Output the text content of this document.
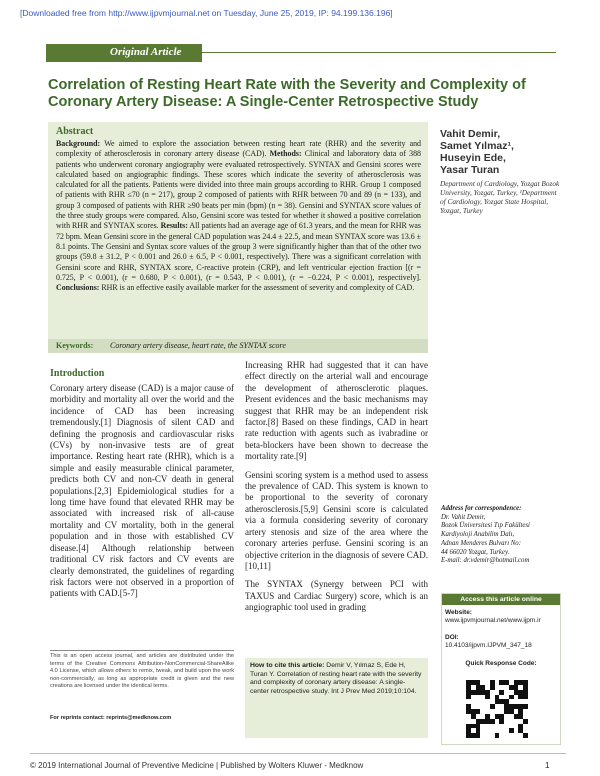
[Downloaded free from http://www.ijpvmjournal.net on Tuesday, June 25, 2019, IP: 94.199.136.196]
Original Article
Correlation of Resting Heart Rate with the Severity and Complexity of Coronary Artery Disease: A Single-Center Retrospective Study
Abstract
Background: We aimed to explore the association between resting heart rate (RHR) and the severity and complexity of atherosclerosis in coronary artery disease (CAD). Methods: Clinical and laboratory data of 388 patients who underwent coronary angiography were evaluated retrospectively. SYNTAX and Gensini scores were calculated based on angiographic findings. These scores which indicate the severity of atherosclerosis was calculated for all the patients. Patients were divided into three main groups according to RHR. Group 1 composed of patients with RHR ≤70 (n = 217), group 2 composed of patients with RHR between 70 and 89 (n = 133), and group 3 composed of patients with RHR ≥90 beats per min (bpm) (n = 38). Gensini and SYNTAX score values of the three study groups were compared. Also, Gensini score was tested for whether it showed a positive correlation with RHR and SYNTAX scores. Results: All patients had an average age of 61.3 years, and the mean for RHR was 72 bpm. Mean Gensini score in the general CAD population was 24.4 ± 22.5, and mean SYNTAX score was 13.6 ± 8.1 points. The Gensini and Syntax score values of the group 3 were significantly higher than that of the other two groups (59.8 ± 31.2, P < 0.001 and 26.0 ± 6.5, P < 0.001, respectively). There was a significant correlation with Gensini score and RHR, SYNTAX score, C-reactive protein (CRP), and left ventricular ejection fraction [(r = 0.725, P < 0.001), (r = 0.680, P < 0.001), (r = 0.543, P < 0.001), (r = −0.224, P < 0.001), respectively]. Conclusions: RHR is an effective easily available marker for the assessment of severity and complexity of CAD.
Keywords: Coronary artery disease, heart rate, the SYNTAX score
Vahit Demir,
Samet Yılmaz¹,
Huseyin Ede,
Yasar Turan
Department of Cardiology, Yozgat Bozok University, Yozgat, Turkey, ¹Department of Cardiology, Yozgat State Hospital, Yozgat, Turkey
Introduction
Coronary artery disease (CAD) is a major cause of morbidity and mortality all over the world and the incidence of CAD has been increasing tremendously.[1] Diagnosis of silent CAD and defining the prognosis and cardiovascular risks (CVs) by non-invasive tests are of great importance. Resting heart rate (RHR), which is a simple and easily measurable clinical parameter, predicts both CV and non-CV death in general populations.[2,3] Epidemiological studies for a long time have found that elevated RHR may be associated with increased risk of all-cause mortality and CV mortality, both in the general population and in those with established CV disease.[4] Although relationship between traditional CV risk factors and CV events are clearly demonstrated, the guidelines of regarding risk factors were not observed in a proportion of patients with CAD.[5-7]
Increasing RHR had suggested that it can have effect directly on the arterial wall and encourage the development of atherosclerotic plaques. Present evidences and the basic mechanisms may suggest that RHR may be an independent risk factor.[8] Based on these findings, CAD in heart rate reduction with agents such as ivabradine or beta-blockers have been shown to decrease the mortality rate.[9]
Gensini scoring system is a method used to assess the prevalence of CAD. This system is known to be proportional to the severity of coronary atherosclerosis.[5,9] Gensini score is calculated via a formula considering severity of coronary artery stenosis and size of the area where the coronary arteries perfuse. Gensini scoring is an objective criterion in the diagnosis of severe CAD.[10,11]
The SYNTAX (Synergy between PCI with TAXUS and Cardiac Surgery) score, which is an angiographic tool used in grading
Address for correspondence:
Dr. Vahit Demir,
Bozok Üniversitesi Tıp Fakültesi
Kardiyoloji Anabilim Dalı,
Adnan Menderes Bulvarı No:
44 66020 Yozgat, Turkey.
E-mail: dr.vdemir@hotmail.com
Access this article online
Website:
www.ijpvmjournal.net/www.ijpm.ir
DOI:
10.4103/ijpvm.IJPVM_347_18
Quick Response Code:
This is an open access journal, and articles are distributed under the terms of the Creative Commons Attribution-NonCommercial-ShareAlike 4.0 License, which allows others to remix, tweak, and build upon the work non-commercially, as long as appropriate credit is given and the new creations are licensed under the identical terms.
For reprints contact: reprints@medknow.com
How to cite this article: Demir V, Yılmaz S, Ede H, Turan Y. Correlation of resting heart rate with the severity and complexity of coronary artery disease: A single-center retrospective study. Int J Prev Med 2019;10:104.
© 2019 International Journal of Preventive Medicine | Published by Wolters Kluwer - Medknow	1
